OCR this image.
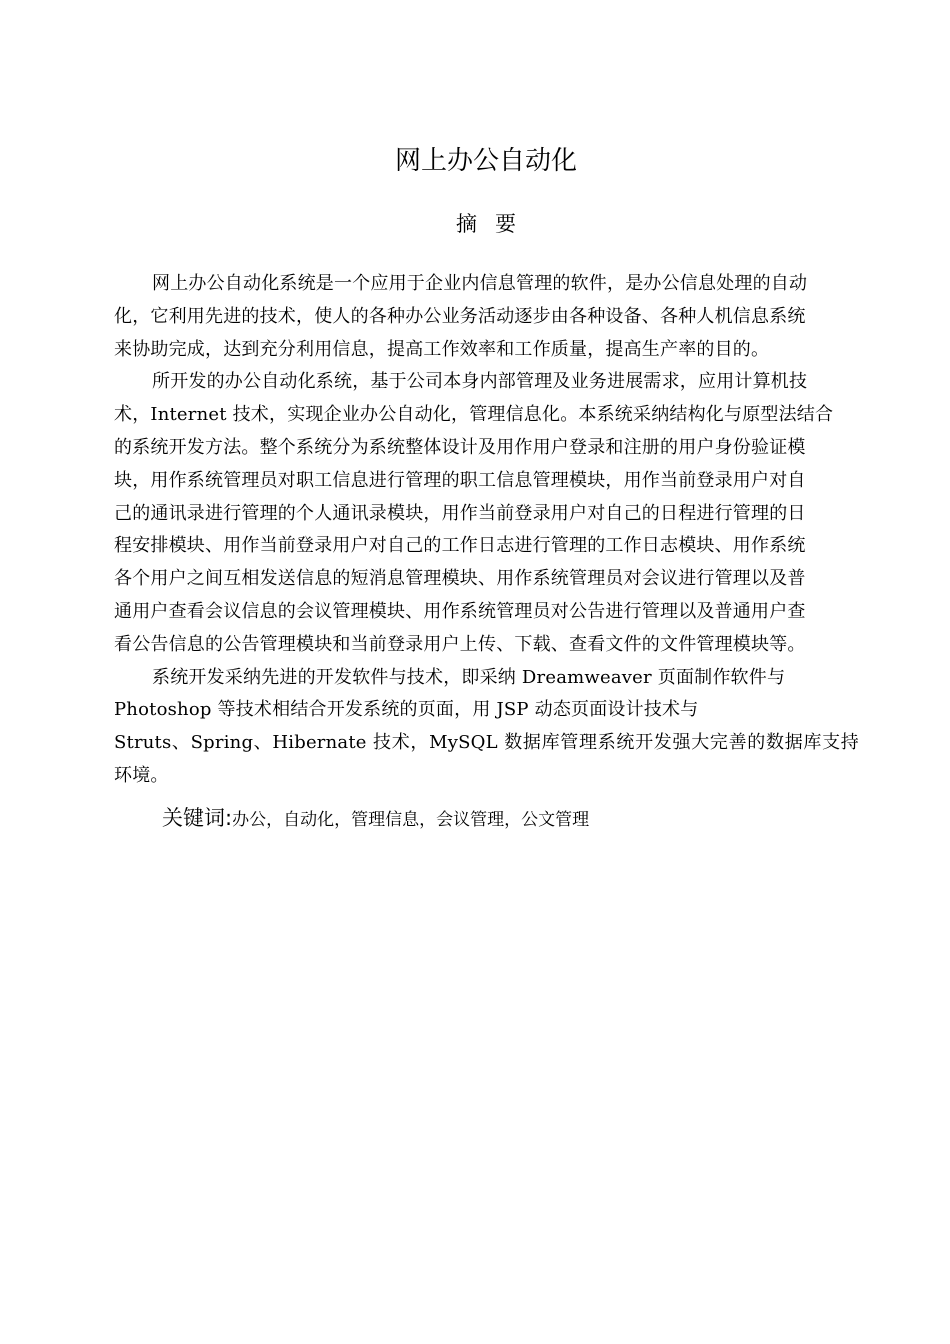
网上办公自动化
摘要

网上办公自动化系统是一个应用于企业内信息管理的软件，是办公信息处理的自动
化，它利用先进的技术，使人的各种办公业务活动逐步由各种设备、各种人机信息系统
来协助完成，达到充分利用信息，提高工作效率和工作质量，提高生产率的目的。

所开发的办公自动化系统，基于公司本身内部管理及业务进展需求，应用计算机技
术，Internet 技术，实现企业办公自动化，管理信息化。本系统采纳结构化与原型法结合
的系统开发方法。整个系统分为系统整体设计及用作用户登录和注册的用户身份验证模
块，用作系统管理员对职工信息进行管理的职工信息管理模块，用作当前登录用户对自
己的通讯录进行管理的个人通讯录模块，用作当前登录用户对自己的日程进行管理的日
程安排模块、用作当前登录用户对自己的工作日志进行管理的工作日志模块、用作系统
各个用户之间互相发送信息的短消息管理模块、用作系统管理员对会议进行管理以及普
通用户查看会议信息的会议管理模块、用作系统管理员对公告进行管理以及普通用户查
看公告信息的公告管理模块和当前登录用户上传、下载、查看文件的文件管理模块等。

系统开发采纳先进的开发软件与技术，即采纳 Dreamweaver 页面制作软件与
Photoshop 等技术相结合开发系统的页面，用 JSP 动态页面设计技术与
Struts、Spring、Hibernate 技术，MySQL 数据库管理系统开发强大完善的数据库支持环境。

关键词:办公，自动化，管理信息，会议管理，公文管理
